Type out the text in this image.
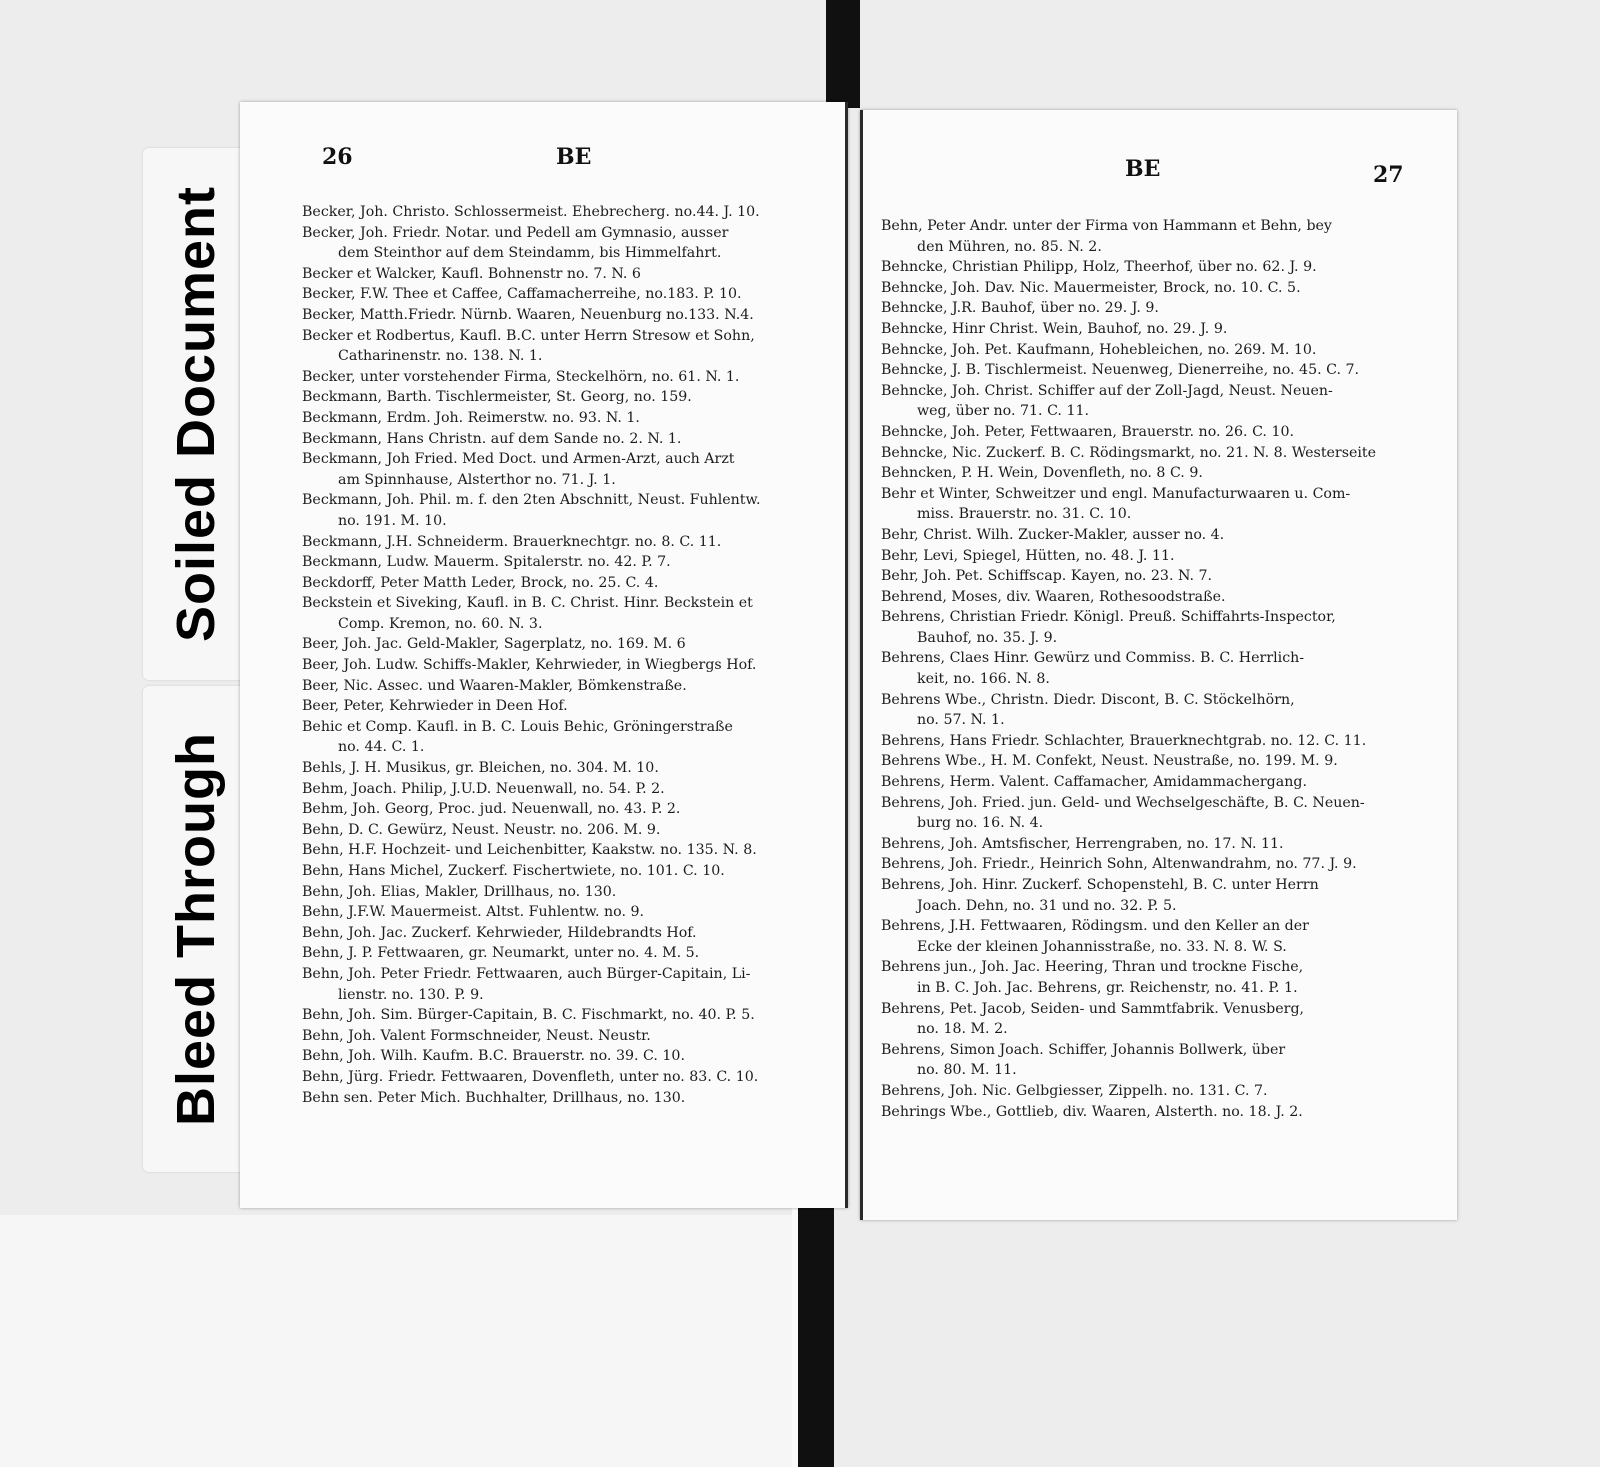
Soiled Document
Bleed Through
26	BE
Becker, Joh. Christo. Schlossermeist. Ehebrecherg. no.44. J. 10.
Becker, Joh. Friedr. Notar. und Pedell am Gymnasio, ausser
dem Steinthor auf dem Steindamm, bis Himmelfahrt.
Becker et Walcker, Kaufl. Bohnenstr no. 7. N. 6
Becker, F.W. Thee et Caffee, Caffamacherreihe, no.183. P. 10.
Becker, Matth.Friedr. Nürnb. Waaren, Neuenburg no.133. N.4.
Becker et Rodbertus, Kaufl. B.C. unter Herrn Stresow et Sohn,
Catharinenstr. no. 138. N. 1.
Becker, unter vorstehender Firma, Steckelhörn, no. 61. N. 1.
Beckmann, Barth. Tischlermeister, St. Georg, no. 159.
Beckmann, Erdm. Joh. Reimerstw. no. 93. N. 1.
Beckmann, Hans Christn. auf dem Sande no. 2. N. 1.
Beckmann, Joh Fried. Med Doct. und Armen-Arzt, auch Arzt
am Spinnhause, Alsterthor no. 71. J. 1.
Beckmann, Joh. Phil. m. f. den 2ten Abschnitt, Neust. Fuhlentw.
no. 191. M. 10.
Beckmann, J.H. Schneiderm. Brauerknechtgr. no. 8. C. 11.
Beckmann, Ludw. Mauerm. Spitalerstr. no. 42. P. 7.
Beckdorff, Peter Matth Leder, Brock, no. 25. C. 4.
Beckstein et Siveking, Kaufl. in B. C. Christ. Hinr. Beckstein et
Comp. Kremon, no. 60. N. 3.
Beer, Joh. Jac. Geld-Makler, Sagerplatz, no. 169. M. 6
Beer, Joh. Ludw. Schiffs-Makler, Kehrwieder, in Wiegbergs Hof.
Beer, Nic. Assec. und Waaren-Makler, Bömkenstraße.
Beer, Peter, Kehrwieder in Deen Hof.
Behic et Comp. Kaufl. in B. C. Louis Behic, Gröningerstraße
no. 44. C. 1.
Behls, J. H. Musikus, gr. Bleichen, no. 304. M. 10.
Behm, Joach. Philip, J.U.D. Neuenwall, no. 54. P. 2.
Behm, Joh. Georg, Proc. jud. Neuenwall, no. 43. P. 2.
Behn, D. C. Gewürz, Neust. Neustr. no. 206. M. 9.
Behn, H.F. Hochzeit- und Leichenbitter, Kaakstw. no. 135. N. 8.
Behn, Hans Michel, Zuckerf. Fischertwiete, no. 101. C. 10.
Behn, Joh. Elias, Makler, Drillhaus, no. 130.
Behn, J.F.W. Mauermeist. Altst. Fuhlentw. no. 9.
Behn, Joh. Jac. Zuckerf. Kehrwieder, Hildebrandts Hof.
Behn, J. P. Fettwaaren, gr. Neumarkt, unter no. 4. M. 5.
Behn, Joh. Peter Friedr. Fettwaaren, auch Bürger-Capitain, Li-
lienstr. no. 130. P. 9.
Behn, Joh. Sim. Bürger-Capitain, B. C. Fischmarkt, no. 40. P. 5.
Behn, Joh. Valent Formschneider, Neust. Neustr.
Behn, Joh. Wilh. Kaufm. B.C. Brauerstr. no. 39. C. 10.
Behn, Jürg. Friedr. Fettwaaren, Dovenfleth, unter no. 83. C. 10.
Behn sen. Peter Mich. Buchhalter, Drillhaus, no. 130.
BE	27
Behn, Peter Andr. unter der Firma von Hammann et Behn, bey
den Mühren, no. 85. N. 2.
Behncke, Christian Philipp, Holz, Theerhof, über no. 62. J. 9.
Behncke, Joh. Dav. Nic. Mauermeister, Brock, no. 10. C. 5.
Behncke, J.R. Bauhof, über no. 29. J. 9.
Behncke, Hinr Christ. Wein, Bauhof, no. 29. J. 9.
Behncke, Joh. Pet. Kaufmann, Hohebleichen, no. 269. M. 10.
Behncke, J. B. Tischlermeist. Neuenweg, Dienerreihe, no. 45. C. 7.
Behncke, Joh. Christ. Schiffer auf der Zoll-Jagd, Neust. Neuen-
weg, über no. 71. C. 11.
Behncke, Joh. Peter, Fettwaaren, Brauerstr. no. 26. C. 10.
Behncke, Nic. Zuckerf. B. C. Rödingsmarkt, no. 21. N. 8. Westerseite
Behncken, P. H. Wein, Dovenfleth, no. 8 C. 9.
Behr et Winter, Schweitzer und engl. Manufacturwaaren u. Com-
miss. Brauerstr. no. 31. C. 10.
Behr, Christ. Wilh. Zucker-Makler, ausser no. 4.
Behr, Levi, Spiegel, Hütten, no. 48. J. 11.
Behr, Joh. Pet. Schiffscap. Kayen, no. 23. N. 7.
Behrend, Moses, div. Waaren, Rothesoodstraße.
Behrens, Christian Friedr. Königl. Preuß. Schiffahrts-Inspector,
Bauhof, no. 35. J. 9.
Behrens, Claes Hinr. Gewürz und Commiss. B. C. Herrlich-
keit, no. 166. N. 8.
Behrens Wbe., Christn. Diedr. Discont, B. C. Stöckelhörn,
no. 57. N. 1.
Behrens, Hans Friedr. Schlachter, Brauerknechtgrab. no. 12. C. 11.
Behrens Wbe., H. M. Confekt, Neust. Neustraße, no. 199. M. 9.
Behrens, Herm. Valent. Caffamacher, Amidammachergang.
Behrens, Joh. Fried. jun. Geld- und Wechselgeschäfte, B. C. Neuen-
burg no. 16. N. 4.
Behrens, Joh. Amtsfischer, Herrengraben, no. 17. N. 11.
Behrens, Joh. Friedr., Heinrich Sohn, Altenwandrahm, no. 77. J. 9.
Behrens, Joh. Hinr. Zuckerf. Schopenstehl, B. C. unter Herrn
Joach. Dehn, no. 31 und no. 32. P. 5.
Behrens, J.H. Fettwaaren, Rödingsm. und den Keller an der
Ecke der kleinen Johannisstraße, no. 33. N. 8. W. S.
Behrens jun., Joh. Jac. Heering, Thran und trockne Fische,
in B. C. Joh. Jac. Behrens, gr. Reichenstr, no. 41. P. 1.
Behrens, Pet. Jacob, Seiden- und Sammtfabrik. Venusberg,
no. 18. M. 2.
Behrens, Simon Joach. Schiffer, Johannis Bollwerk, über
no. 80. M. 11.
Behrens, Joh. Nic. Gelbgiesser, Zippelh. no. 131. C. 7.
Behrings Wbe., Gottlieb, div. Waaren, Alsterth. no. 18. J. 2.
